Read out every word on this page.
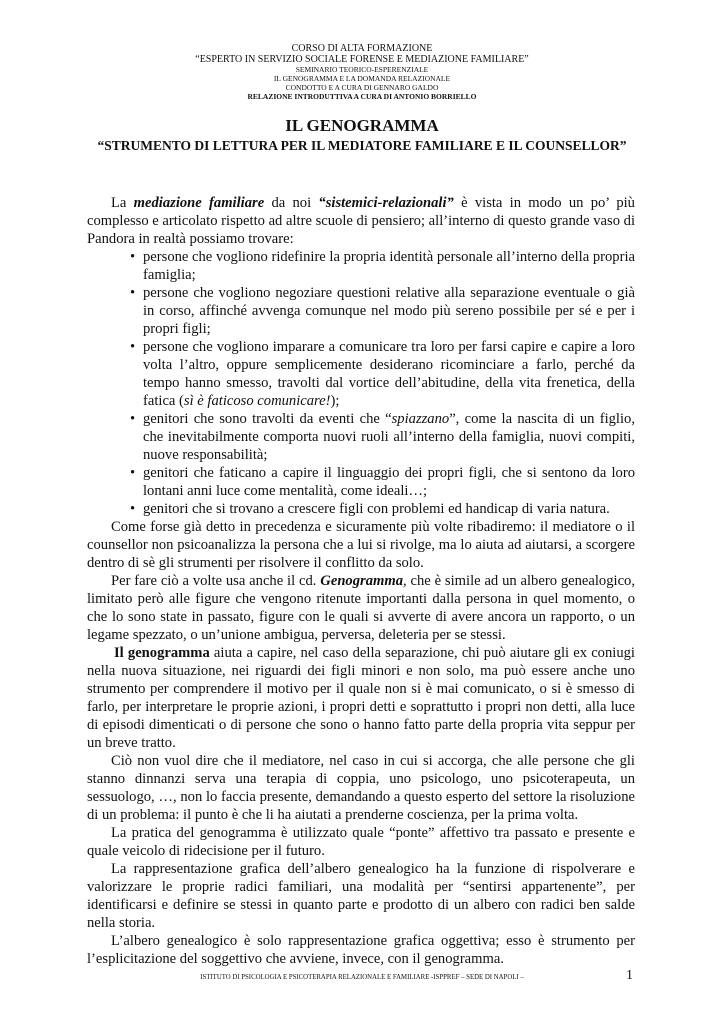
CORSO DI ALTA FORMAZIONE
“ESPERTO IN SERVIZIO SOCIALE FORENSE E MEDIAZIONE FAMILIARE”
SEMINARIO TEORICO-ESPERENZIALE
IL GENOGRAMMA E LA DOMANDA RELAZIONALE
CONDOTTO E A CURA DI GENNARO GALDO
RELAZIONE INTRODUTTIVA A CURA DI ANTONIO BORRIELLO
IL GENOGRAMMA
“STRUMENTO DI LETTURA PER IL MEDIATORE FAMILIARE E IL COUNSELLOR”

La mediazione familiare da noi “sistemici-relazionali” è vista in modo un po’ più complesso e articolato rispetto ad altre scuole di pensiero; all’interno di questo grande vaso di Pandora in realtà possiamo trovare:

• persone che vogliono ridefinire la propria identità personale all’interno della propria famiglia;
• persone che vogliono negoziare questioni relative alla separazione eventuale o già in corso, affinché avvenga comunque nel modo più sereno possibile per sé e per i propri figli;
• persone che vogliono imparare a comunicare tra loro per farsi capire e capire a loro volta l’altro, oppure semplicemente desiderano ricominciare a farlo, perché da tempo hanno smesso, travolti dal vortice dell’abitudine, della vita frenetica, della fatica (sì è faticoso comunicare!);
• genitori che sono travolti da eventi che “spiazzano”, come la nascita di un figlio, che inevitabilmente comporta nuovi ruoli all’interno della famiglia, nuovi compiti, nuove responsabilità;
• genitori che faticano a capire il linguaggio dei propri figli, che si sentono da loro lontani anni luce come mentalità, come ideali…;
• genitori che si trovano a crescere figli con problemi ed handicap di varia natura.

Come forse già detto in precedenza e sicuramente più volte ribadiremo: il mediatore o il counsellor non psicoanalizza la persona che a lui si rivolge, ma lo aiuta ad aiutarsi, a scorgere dentro di sè gli strumenti per risolvere il conflitto da solo.

Per fare ciò a volte usa anche il cd. Genogramma, che è simile ad un albero genealogico, limitato però alle figure che vengono ritenute importanti dalla persona in quel momento, o che lo sono state in passato, figure con le quali si avverte di avere ancora un rapporto, o un legame spezzato, o un’unione ambigua, perversa, deleteria per se stessi.

Il genogramma aiuta a capire, nel caso della separazione, chi può aiutare gli ex coniugi nella nuova situazione, nei riguardi dei figli minori e non solo, ma può essere anche uno strumento per comprendere il motivo per il quale non si è mai comunicato, o si è smesso di farlo, per interpretare le proprie azioni, i propri detti e soprattutto i propri non detti, alla luce di episodi dimenticati o di persone che sono o hanno fatto parte della propria vita seppur per un breve tratto.

Ciò non vuol dire che il mediatore, nel caso in cui si accorga, che alle persone che gli stanno dinnanzi serva una terapia di coppia, uno psicologo, uno psicoterapeuta, un sessuologo, …, non lo faccia presente, demandando a questo esperto del settore la risoluzione di un problema: il punto è che li ha aiutati a prenderne coscienza, per la prima volta.

La pratica del genogramma è utilizzato quale “ponte” affettivo tra passato e presente e quale veicolo di ridecisione per il futuro.

La rappresentazione grafica dell’albero genealogico ha la funzione di rispolverare e valorizzare le proprie radici familiari, una modalità per “sentirsi appartenente”, per identificarsi e definire se stessi in quanto parte e prodotto di un albero con radici ben salde nella storia.

L’albero genealogico è solo rappresentazione grafica oggettiva; esso è strumento per l’esplicitazione del soggettivo che avviene, invece, con il genogramma.

ISTITUTO DI PSICOLOGIA E PSICOTERAPIA RELAZIONALE E FAMILIARE -ISPPREF – SEDE DI NAPOLI –	1
